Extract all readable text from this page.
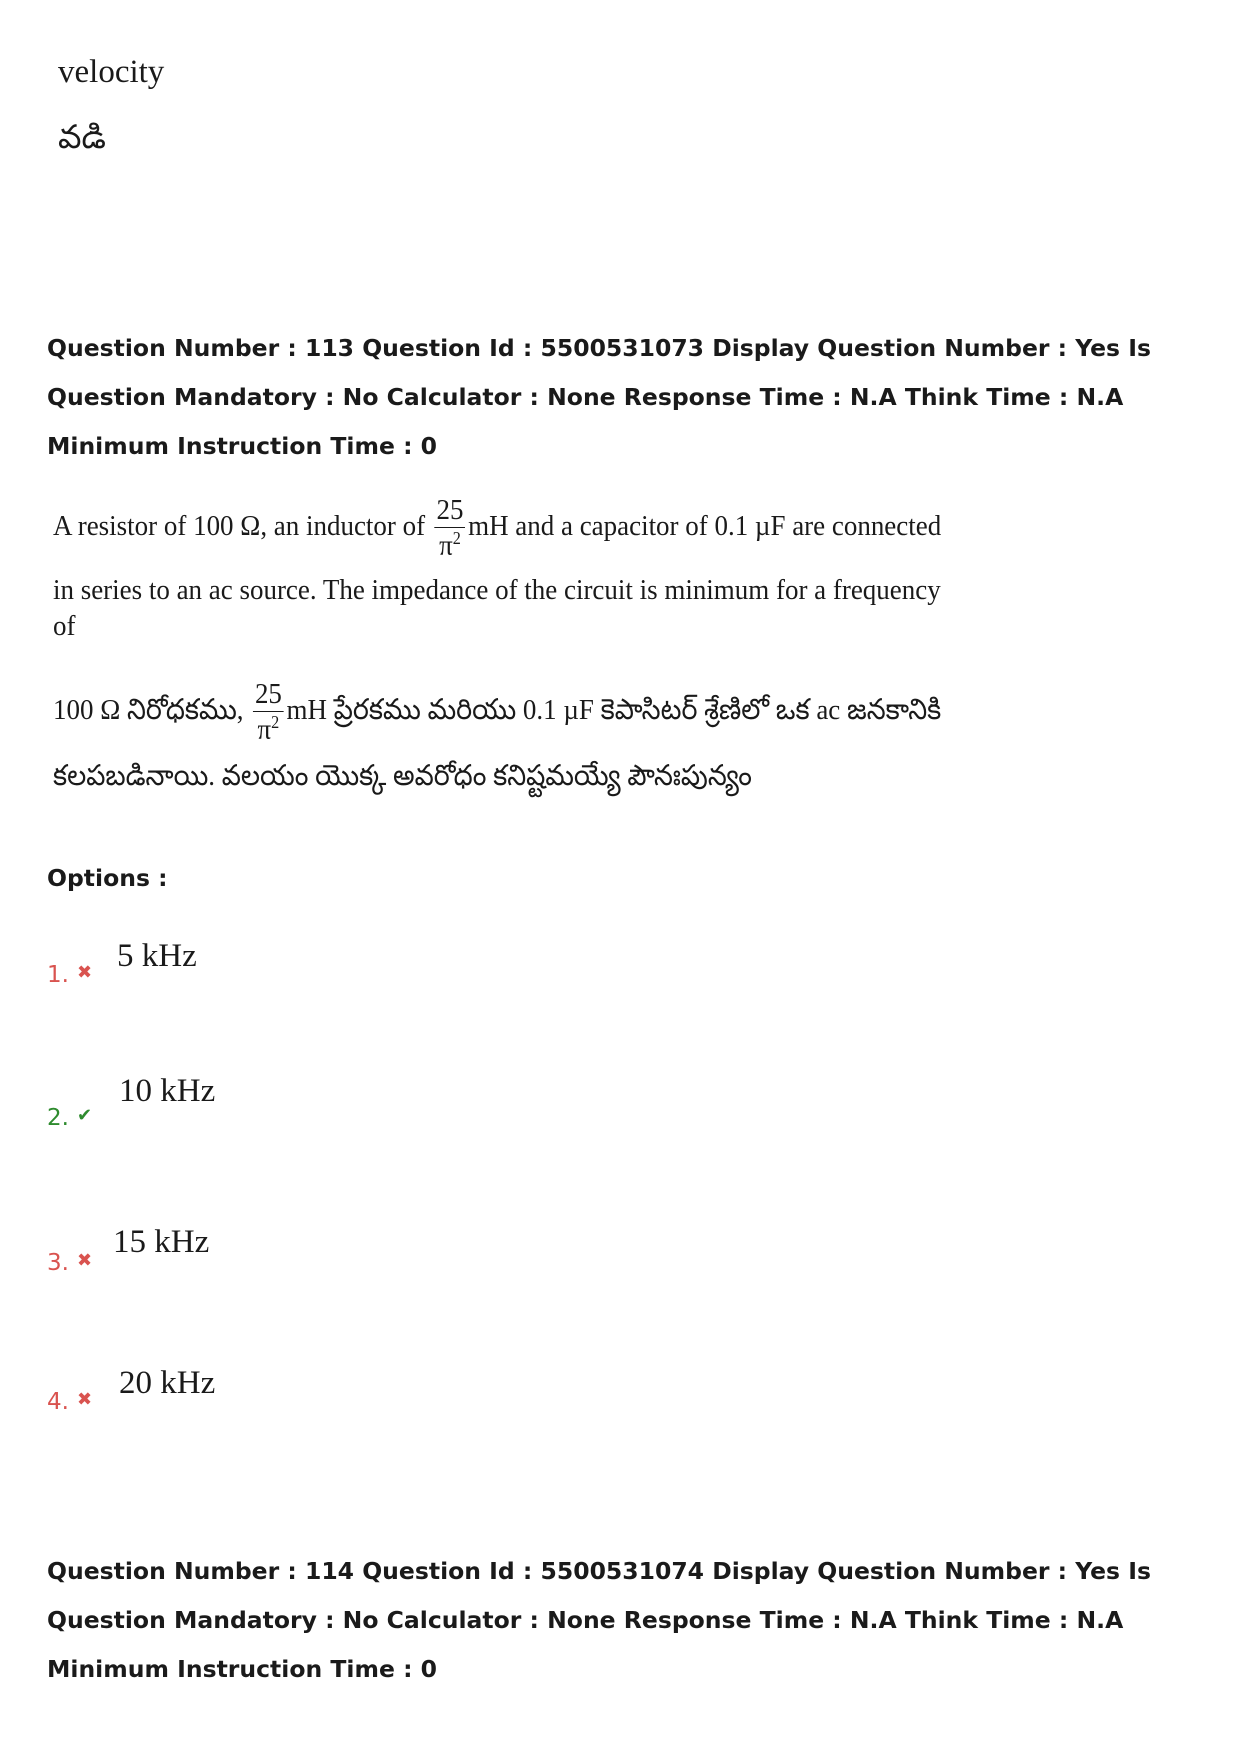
velocity
వడి
Question Number : 113 Question Id : 5500531073 Display Question Number : Yes Is Question Mandatory : No Calculator : None Response Time : N.A Think Time : N.A Minimum Instruction Time : 0
A resistor of 100 Ω, an inductor of $\frac{25}{\pi^2}$ mH and a capacitor of 0.1 µF are connected
in series to an ac source. The impedance of the circuit is minimum for a frequency
of
100 Ω నిరోధకము, $\frac{25}{\pi^2}$ mH ప్రేరకము మరియు 0.1 µF కెపాసిటర్ శ్రేణిలో ఒక ac జనకానికి
కలపబడినాయి. వలయం యొక్క అవరోధం కనిష్టమయ్యే పౌనఃపున్యం
Options :
1. ✖ 5 kHz
2. ✔
10 kHz
3. ✖
15 kHz
4. ✖ 20 kHz
Question Number : 114 Question Id : 5500531074 Display Question Number : Yes Is Question Mandatory : No Calculator : None Response Time : N.A Think Time : N.A Minimum Instruction Time : 0
